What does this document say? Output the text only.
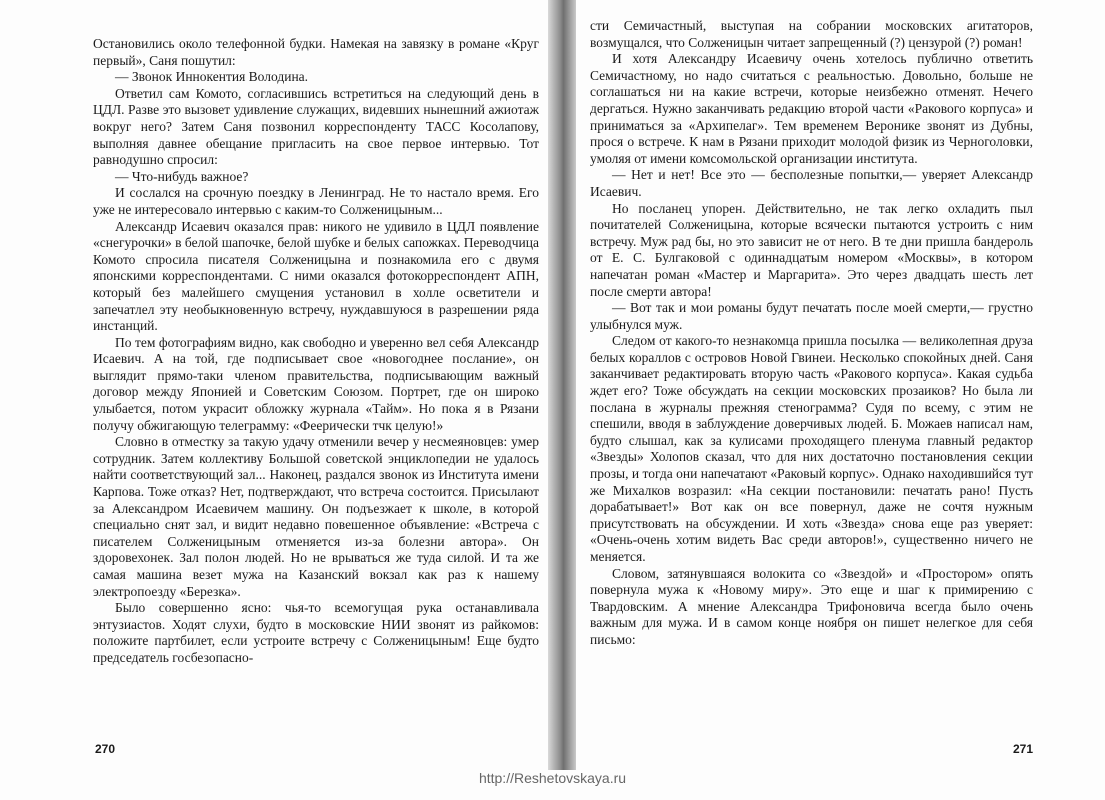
Остановились около телефонной будки. Намекая на завязку в романе «Круг первый», Саня пошутил:

— Звонок Иннокентия Володина.

Ответил сам Комото, согласившись встретиться на следующий день в ЦДЛ. Разве это вызовет удивление служащих, видевших нынешний ажиотаж вокруг него? Затем Саня позвонил корреспонденту ТАСС Косолапову, выполняя давнее обещание пригласить на свое первое интервью. Тот равнодушно спросил:

— Что-нибудь важное?

И сослался на срочную поездку в Ленинград. Не то настало время. Его уже не интересовало интервью с каким-то Солженицыным...

Александр Исаевич оказался прав: никого не удивило в ЦДЛ появление «снегурочки» в белой шапочке, белой шубке и белых сапожках. Переводчица Комото спросила писателя Солженицына и познакомила его с двумя японскими корреспондентами. С ними оказался фотокорреспондент АПН, который без малейшего смущения установил в холле осветители и запечатлел эту необыкновенную встречу, нуждавшуюся в разрешении ряда инстанций.

По тем фотографиям видно, как свободно и уверенно вел себя Александр Исаевич. А на той, где подписывает свое «новогоднее послание», он выглядит прямо-таки членом правительства, подписывающим важный договор между Японией и Советским Союзом. Портрет, где он широко улыбается, потом украсит обложку журнала «Тайм». Но пока я в Рязани получу обжигающую телеграмму: «Феерически тчк целую!»

Словно в отместку за такую удачу отменили вечер у несмеяновцев: умер сотрудник. Затем коллективу Большой советской энциклопедии не удалось найти соответствующий зал... Наконец, раздался звонок из Института имени Карпова. Тоже отказ? Нет, подтверждают, что встреча состоится. Присылают за Александром Исаевичем машину. Он подъезжает к школе, в которой специально снят зал, и видит недавно повешенное объявление: «Встреча с писателем Солженицыным отменяется из-за болезни автора». Он здоровехонек. Зал полон людей. Но не врываться же туда силой. И та же самая машина везет мужа на Казанский вокзал как раз к нашему электропоезду «Березка».

Было совершенно ясно: чья-то всемогущая рука останавливала энтузиастов. Ходят слухи, будто в московские НИИ звонят из райкомов: положите партбилет, если устроите встречу с Солженицыным! Еще будто председатель госбезопасно-

270

сти Семичастный, выступая на собрании московских агитаторов, возмущался, что Солженицын читает запрещенный (?) цензурой (?) роман!

И хотя Александру Исаевичу очень хотелось публично ответить Семичастному, но надо считаться с реальностью. Довольно, больше не соглашаться ни на какие встречи, которые неизбежно отменят. Нечего дергаться. Нужно заканчивать редакцию второй части «Ракового корпуса» и приниматься за «Архипелаг». Тем временем Веронике звонят из Дубны, прося о встрече. К нам в Рязани приходит молодой физик из Черноголовки, умоляя от имени комсомольской организации института.

— Нет и нет! Все это — бесполезные попытки,— уверяет Александр Исаевич.

Но посланец упорен. Действительно, не так легко охладить пыл почитателей Солженицына, которые всячески пытаются устроить с ним встречу. Муж рад бы, но это зависит не от него. В те дни пришла бандероль от Е. С. Булгаковой с одиннадцатым номером «Москвы», в котором напечатан роман «Мастер и Маргарита». Это через двадцать шесть лет после смерти автора!

— Вот так и мои романы будут печатать после моей смерти,— грустно улыбнулся муж.

Следом от какого-то незнакомца пришла посылка — великолепная друза белых кораллов с островов Новой Гвинеи. Несколько спокойных дней. Саня заканчивает редактировать вторую часть «Ракового корпуса». Какая судьба ждет его? Тоже обсуждать на секции московских прозаиков? Но была ли послана в журналы прежняя стенограмма? Судя по всему, с этим не спешили, вводя в заблуждение доверчивых людей. Б. Можаев написал нам, будто слышал, как за кулисами проходящего пленума главный редактор «Звезды» Холопов сказал, что для них достаточно постановления секции прозы, и тогда они напечатают «Раковый корпус». Однако находившийся тут же Михалков возразил: «На секции постановили: печатать рано! Пусть дорабатывает!» Вот как он все повернул, даже не сочтя нужным присутствовать на обсуждении. И хоть «Звезда» снова еще раз уверяет: «Очень-очень хотим видеть Вас среди авторов!», существенно ничего не меняется.

Словом, затянувшаяся волокита со «Звездой» и «Простором» опять повернула мужа к «Новому миру». Это еще и шаг к примирению с Твардовским. А мнение Александра Трифоновича всегда было очень важным для мужа. И в самом конце ноября он пишет нелегкое для себя письмо:

271
http://Reshetovskaya.ru
